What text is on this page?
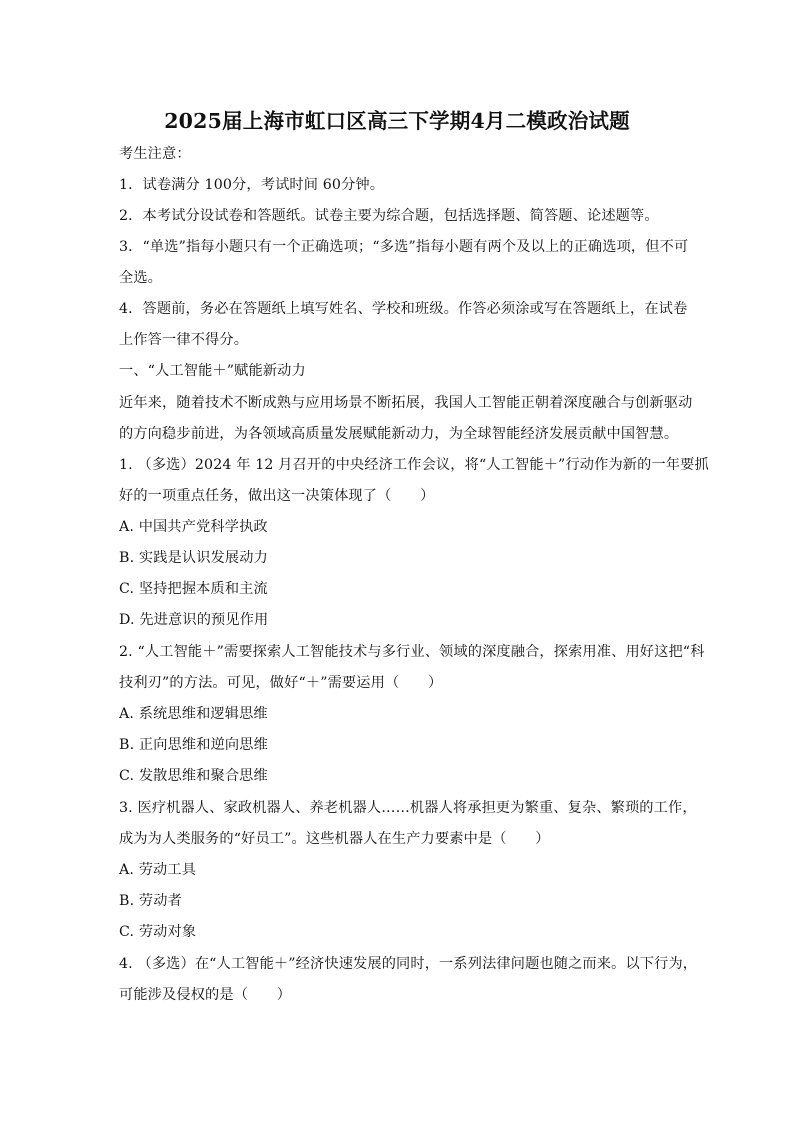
2025届上海市虹口区高三下学期4月二模政治试题
考生注意：
1．试卷满分 100分，考试时间 60分钟。
2．本考试分设试卷和答题纸。试卷主要为综合题，包括选择题、简答题、论述题等。
3．“单选”指每小题只有一个正确选项；“多选”指每小题有两个及以上的正确选项，但不可
全选。
4．答题前，务必在答题纸上填写姓名、学校和班级。作答必须涂或写在答题纸上，在试卷
上作答一律不得分。
一、“人工智能＋”赋能新动力
近年来，随着技术不断成熟与应用场景不断拓展，我国人工智能正朝着深度融合与创新驱动
的方向稳步前进，为各领域高质量发展赋能新动力，为全球智能经济发展贡献中国智慧。
1. （多选）2024 年 12 月召开的中央经济工作会议，将“人工智能＋”行动作为新的一年要抓
好的一项重点任务，做出这一决策体现了（　　）
A. 中国共产党科学执政
B. 实践是认识发展动力
C. 坚持把握本质和主流
D. 先进意识的预见作用
2. “人工智能＋”需要探索人工智能技术与多行业、领域的深度融合，探索用准、用好这把“科
技利刃”的方法。可见，做好“＋”需要运用（　　）
A. 系统思维和逻辑思维
B. 正向思维和逆向思维
C. 发散思维和聚合思维
3. 医疗机器人、家政机器人、养老机器人……机器人将承担更为繁重、复杂、繁琐的工作，
成为为人类服务的“好员工”。这些机器人在生产力要素中是（　　）
A. 劳动工具
B. 劳动者
C. 劳动对象
4. （多选）在“人工智能＋”经济快速发展的同时，一系列法律问题也随之而来。以下行为，
可能涉及侵权的是（　　）
